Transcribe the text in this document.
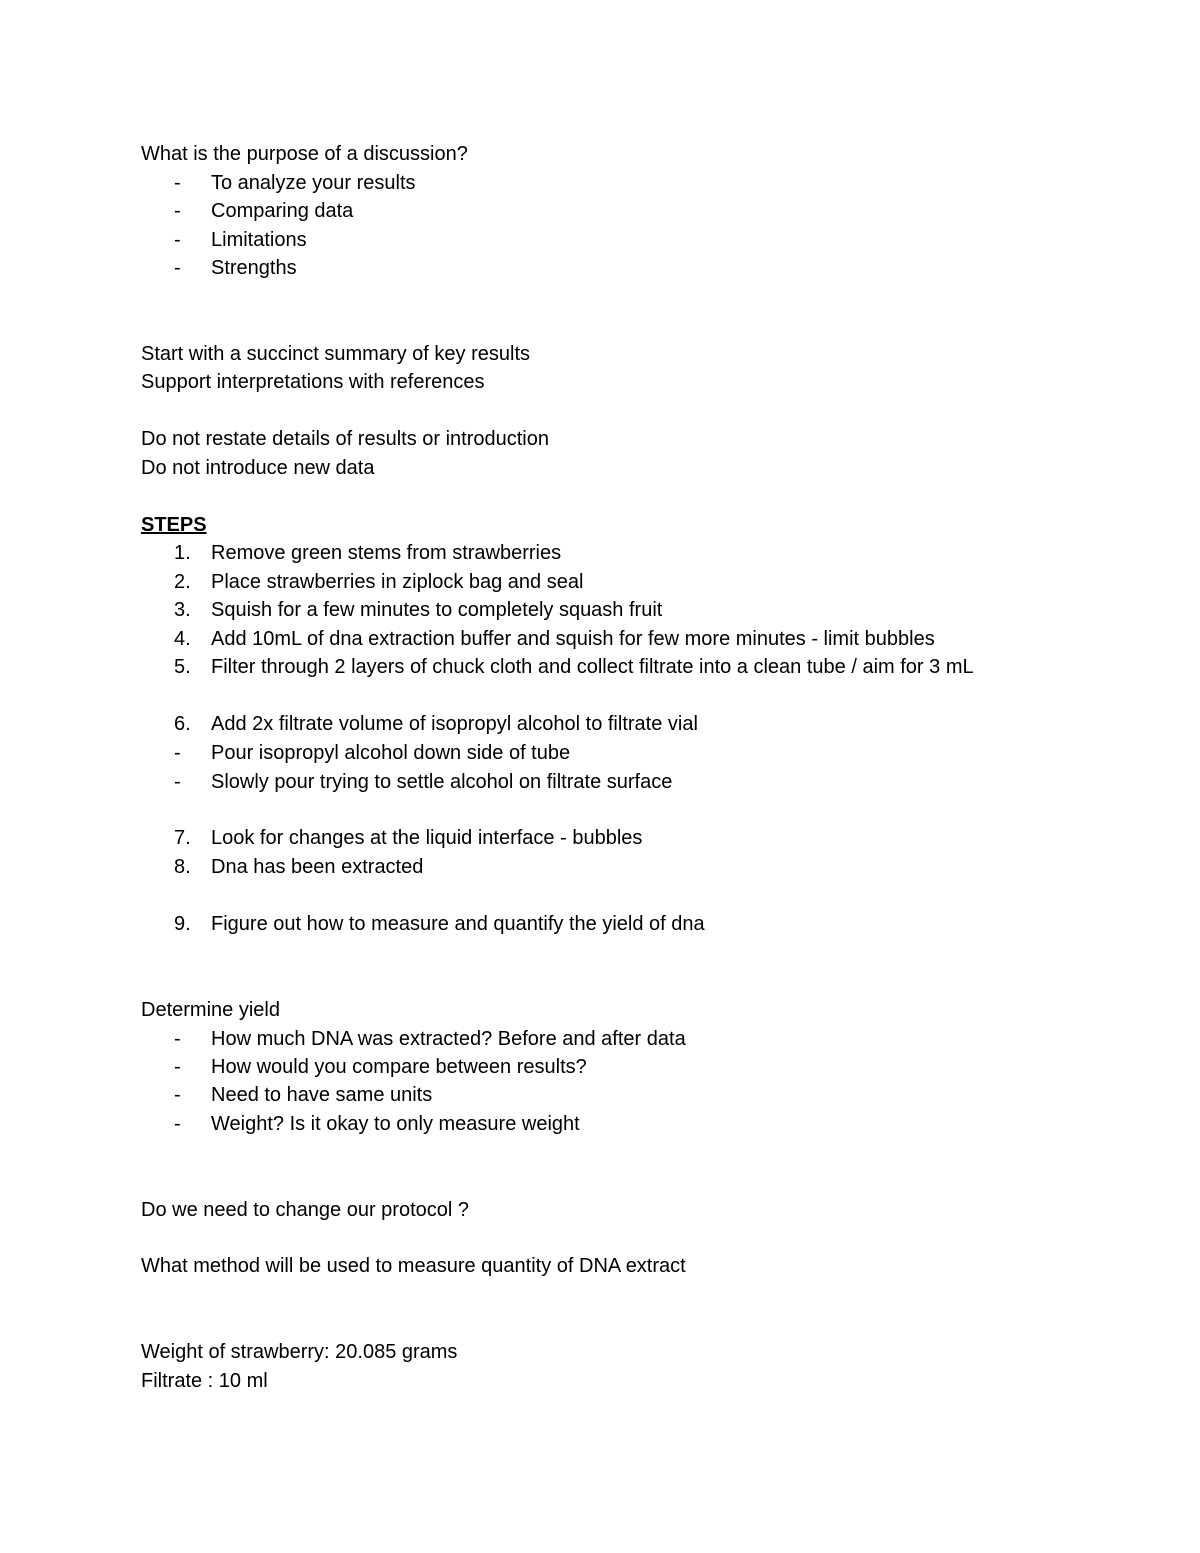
What is the purpose of a discussion?
-	To analyze your results
-	Comparing data
-	Limitations
-	Strengths
Start with a succinct summary of key results
Support interpretations with references
Do not restate details of results or introduction
Do not introduce new data
STEPS
1.	Remove green stems from strawberries
2.	Place strawberries in ziplock bag and seal
3.	Squish for a few minutes to completely squash fruit
4.	Add 10mL of dna extraction buffer and squish for few more minutes - limit bubbles
5.	Filter through 2 layers of chuck cloth and collect filtrate into a clean tube / aim for 3 mL
6.	Add 2x filtrate volume of isopropyl alcohol to filtrate vial
-	Pour isopropyl alcohol down side of tube
-	Slowly pour trying to settle alcohol on filtrate surface
7.	Look for changes at the liquid interface - bubbles
8.	Dna has been extracted
9.	Figure out how to measure and quantify the yield of dna
Determine yield
-	How much DNA was extracted? Before and after data
-	How would you compare between results?
-	Need to have same units
-	Weight? Is it okay to only measure weight
Do we need to change our protocol ?
What method will be used to measure quantity of DNA extract
Weight of strawberry: 20.085 grams
Filtrate : 10 ml
